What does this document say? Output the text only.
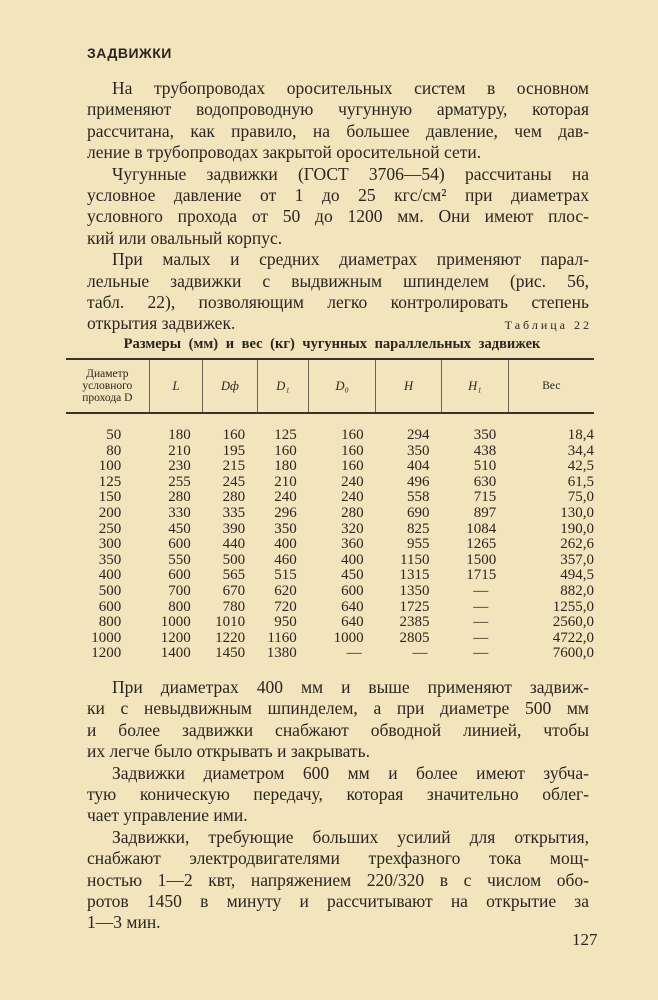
ЗАДВИЖКИ
На трубопроводах оросительных систем в основном
применяют водопроводную чугунную арматуру, которая
рассчитана, как правило, на большее давление, чем дав-
ление в трубопроводах закрытой оросительной сети.
Чугунные задвижки (ГОСТ 3706—54) рассчитаны на
условное давление от 1 до 25 кгс/см² при диаметрах
условного прохода от 50 до 1200 мм. Они имеют плос-
кий или овальный корпус.
При малых и средних диаметрах применяют парал-
лельные задвижки с выдвижным шпинделем (рис. 56,
табл. 22), позволяющим легко контролировать степень
открытия задвижек.	Таблица 22
Размеры (мм) и вес (кг) чугунных параллельных задвижек
Диаметр условного прохода D	L	Dф	D₁	D₀	H	H₁	Вес
50	180	160	125	160	294	350	18,4
80	210	195	160	160	350	438	34,4
100	230	215	180	160	404	510	42,5
125	255	245	210	240	496	630	61,5
150	280	280	240	240	558	715	75,0
200	330	335	296	280	690	897	130,0
250	450	390	350	320	825	1084	190,0
300	600	440	400	360	955	1265	262,6
350	550	500	460	400	1150	1500	357,0
400	600	565	515	450	1315	1715	494,5
500	700	670	620	600	1350	—	882,0
600	800	780	720	640	1725	—	1255,0
800	1000	1010	950	640	2385	—	2560,0
1000	1200	1220	1160	1000	2805	—	4722,0
1200	1400	1450	1380	—	—	—	7600,0
При диаметрах 400 мм и выше применяют задвиж-
ки с невыдвижным шпинделем, а при диаметре 500 мм
и более задвижки снабжают обводной линией, чтобы
их легче было открывать и закрывать.
Задвижки диаметром 600 мм и более имеют зубча-
тую коническую передачу, которая значительно облег-
чает управление ими.
Задвижки, требующие больших усилий для открытия,
снабжают электродвигателями трехфазного тока мощ-
ностью 1—2 квт, напряжением 220/320 в с числом обо-
ротов 1450 в минуту и рассчитывают на открытие за
1—3 мин.
127
